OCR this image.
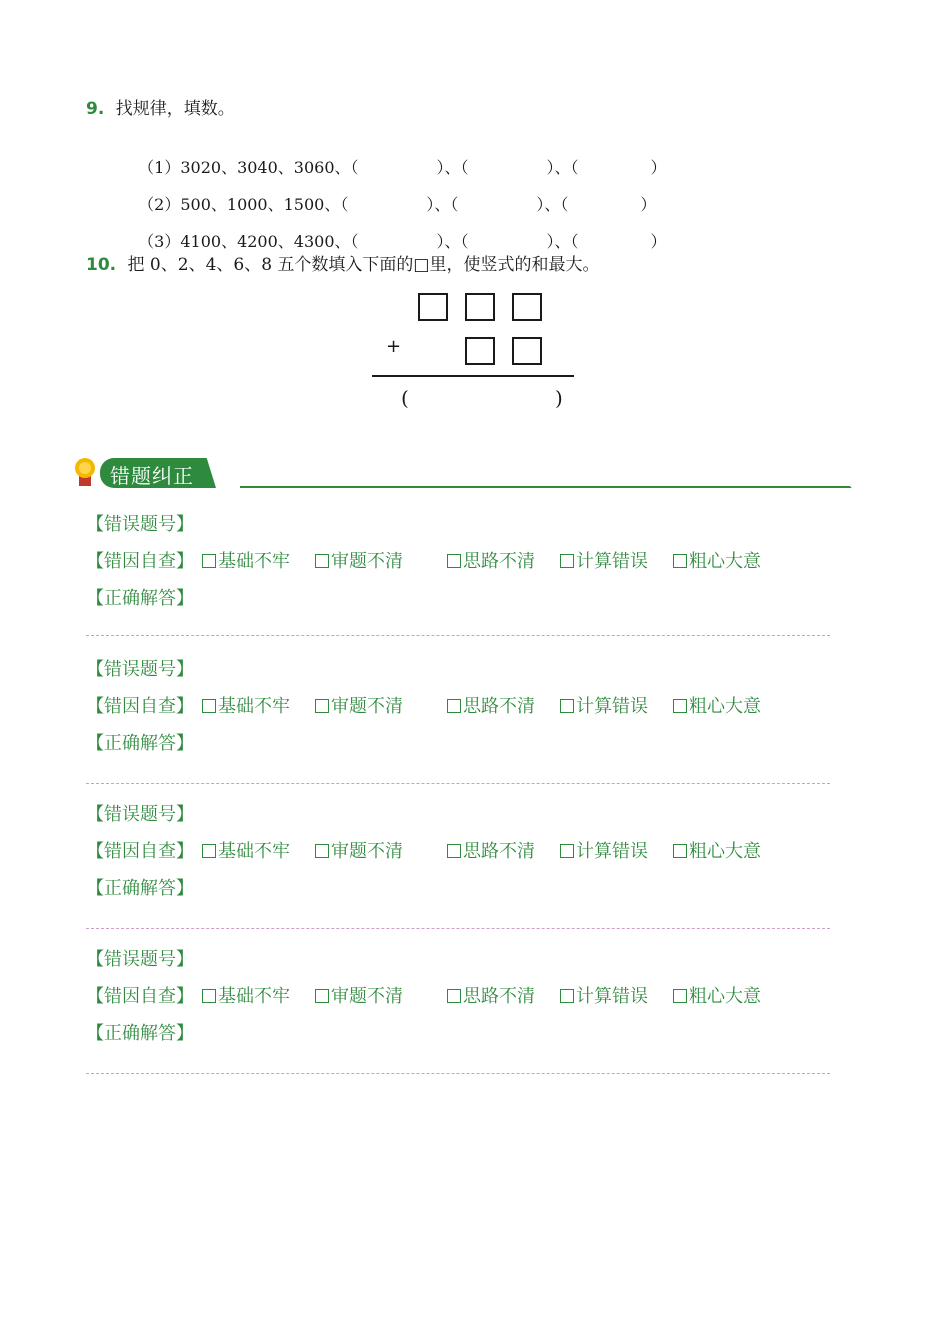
9. 找规律，填数。

（1）3020、3040、3060、（	）、（	）、（	）

（2）500、1000、1500、（	）、（	）、（	）

（3）4100、4200、4300、（	）、（	）、（	）

10. 把 0、2、4、6、8 五个数填入下面的□里，使竖式的和最大。
+
(	)
错题纠正
【错误题号】
【错因自查】	基础不牢	审题不清	思路不清	计算错误	粗心大意
【正确解答】
【错误题号】
【错因自查】	基础不牢	审题不清	思路不清	计算错误	粗心大意
【正确解答】
【错误题号】
【错因自查】	基础不牢	审题不清	思路不清	计算错误	粗心大意
【正确解答】
【错误题号】
【错因自查】	基础不牢	审题不清	思路不清	计算错误	粗心大意
【正确解答】
